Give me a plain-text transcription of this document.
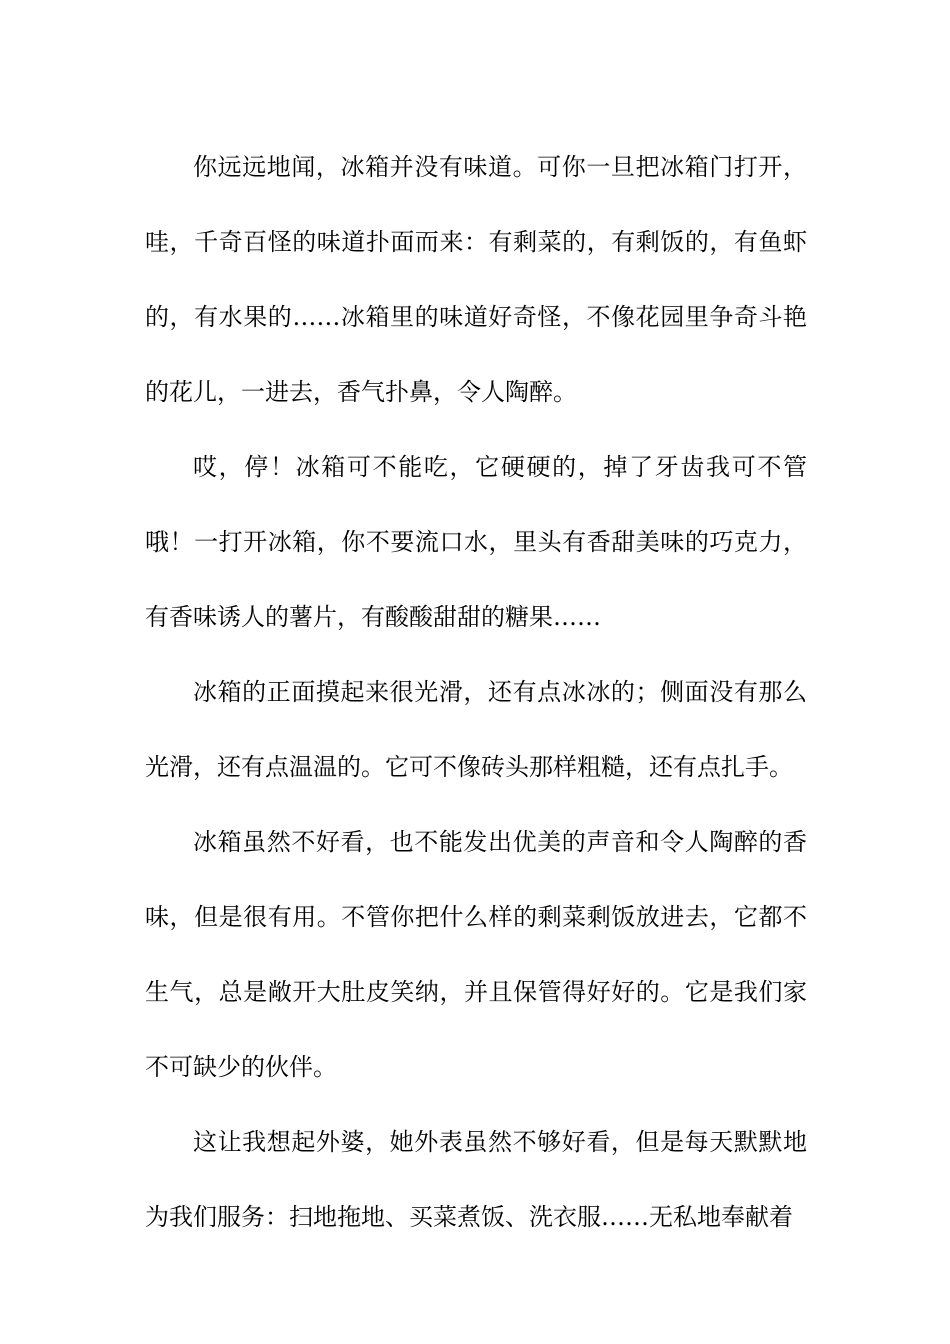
你远远地闻，冰箱并没有味道。可你一旦把冰箱门打开，哇，千奇百怪的味道扑面而来：有剩菜的，有剩饭的，有鱼虾的，有水果的……冰箱里的味道好奇怪，不像花园里争奇斗艳的花儿，一进去，香气扑鼻，令人陶醉。

哎，停！冰箱可不能吃，它硬硬的，掉了牙齿我可不管哦！一打开冰箱，你不要流口水，里头有香甜美味的巧克力，有香味诱人的薯片，有酸酸甜甜的糖果……

冰箱的正面摸起来很光滑，还有点冰冰的；侧面没有那么光滑，还有点温温的。它可不像砖头那样粗糙，还有点扎手。

冰箱虽然不好看，也不能发出优美的声音和令人陶醉的香味，但是很有用。不管你把什么样的剩菜剩饭放进去，它都不生气，总是敞开大肚皮笑纳，并且保管得好好的。它是我们家不可缺少的伙伴。

这让我想起外婆，她外表虽然不够好看，但是每天默默地为我们服务：扫地拖地、买菜煮饭、洗衣服……无私地奉献着
